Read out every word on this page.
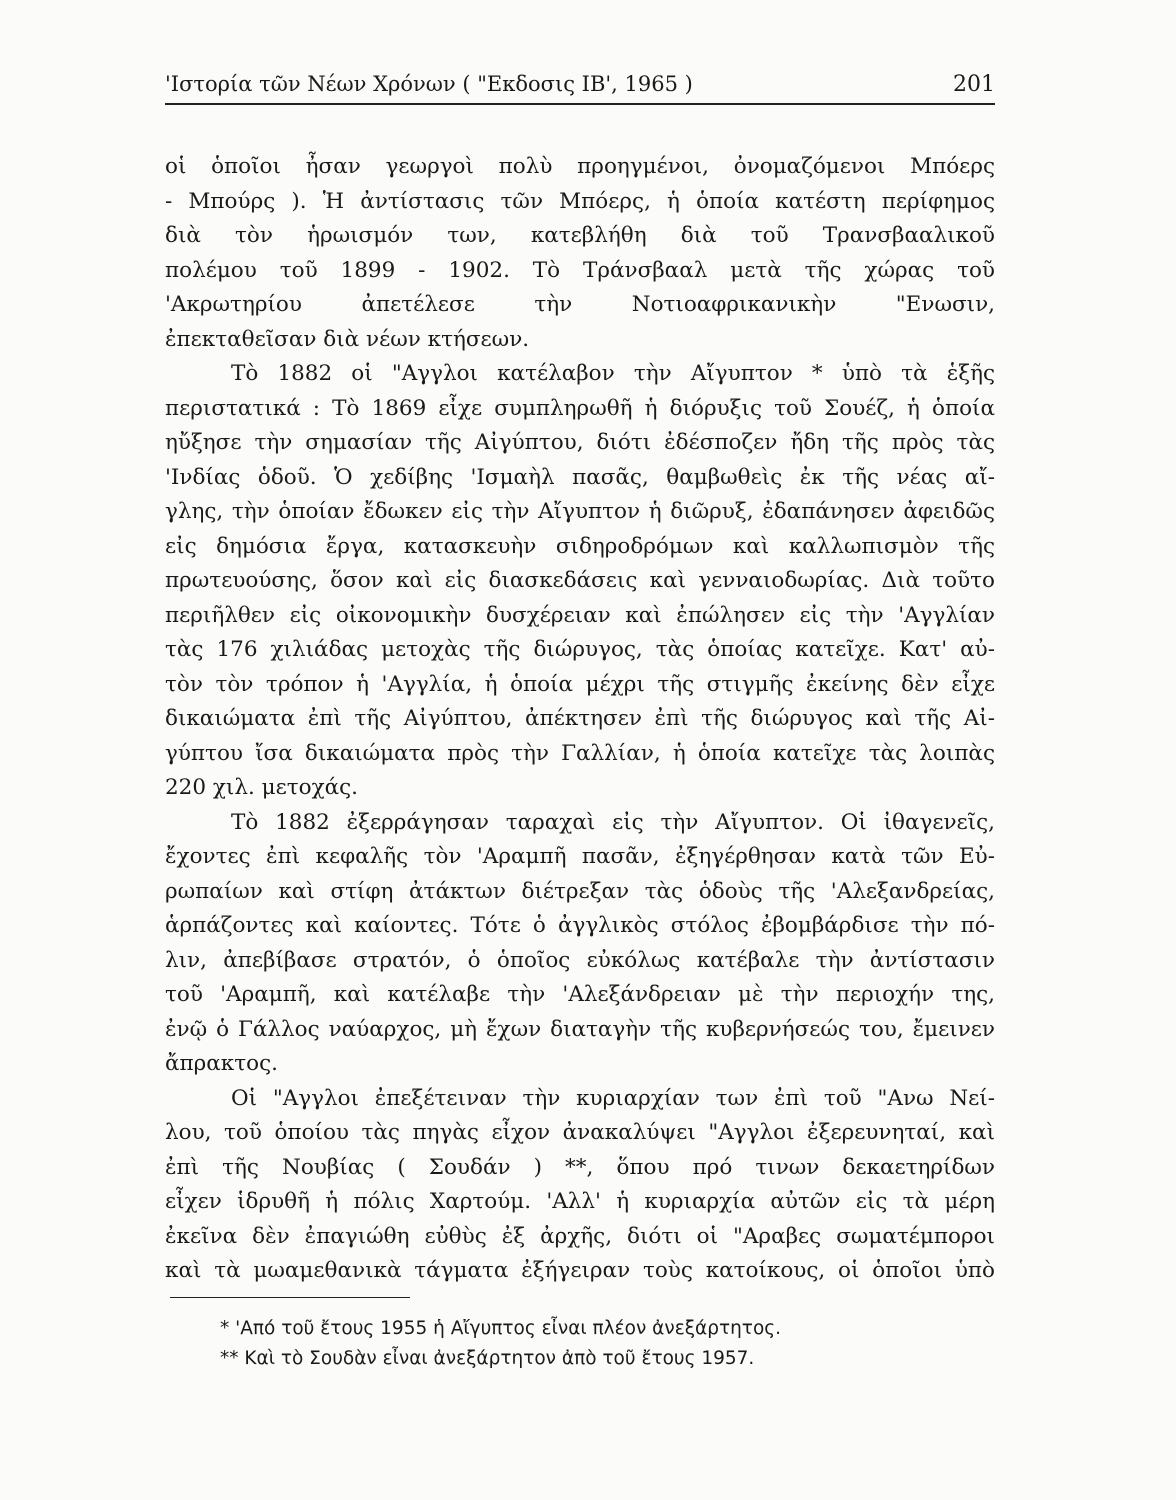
'Ιστορία τῶν Νέων Χρόνων ( "Εκδοσις ΙΒ', 1965 )	201
οἱ ὁποῖοι ἦσαν γεωργοὶ πολὺ προηγμένοι, ὀνομαζόμενοι Μπόερς
- Μπούρς ). Ἡ ἀντίστασις τῶν Μπόερς, ἡ ὁποία κατέστη περίφημος
διὰ τὸν ἡρωισμόν των, κατεβλήθη διὰ τοῦ Τρανσβααλικοῦ
πολέμου τοῦ 1899 - 1902. Τὸ Τράνσβααλ μετὰ τῆς χώρας τοῦ
'Ακρωτηρίου ἀπετέλεσε τὴν Νοτιοαφρικανικὴν "Ενωσιν,
ἐπεκταθεῖσαν διὰ νέων κτήσεων.
Τὸ 1882 οἱ "Αγγλοι κατέλαβον τὴν Αἴγυπτον * ὑπὸ τὰ ἑξῆς
περιστατικά : Τὸ 1869 εἶχε συμπληρωθῆ ἡ διόρυξις τοῦ Σουέζ, ἡ ὁποία
ηὔξησε τὴν σημασίαν τῆς Αἰγύπτου, διότι ἐδέσποζεν ἤδη τῆς πρὸς τὰς
'Ινδίας ὁδοῦ. Ὁ χεδίβης 'Ισμαὴλ πασᾶς, θαμβωθεὶς ἐκ τῆς νέας αἴ-
γλης, τὴν ὁποίαν ἔδωκεν εἰς τὴν Αἴγυπτον ἡ διῶρυξ, ἐδαπάνησεν ἀφειδῶς
εἰς δημόσια ἔργα, κατασκευὴν σιδηροδρόμων καὶ καλλωπισμὸν τῆς
πρωτευούσης, ὅσον καὶ εἰς διασκεδάσεις καὶ γενναιοδωρίας. Διὰ τοῦτο
περιῆλθεν εἰς οἰκονομικὴν δυσχέρειαν καὶ ἐπώλησεν εἰς τὴν 'Αγγλίαν
τὰς 176 χιλιάδας μετοχὰς τῆς διώρυγος, τὰς ὁποίας κατεῖχε. Κατ' αὐ-
τὸν τὸν τρόπον ἡ 'Αγγλία, ἡ ὁποία μέχρι τῆς στιγμῆς ἐκείνης δὲν εἶχε
δικαιώματα ἐπὶ τῆς Αἰγύπτου, ἀπέκτησεν ἐπὶ τῆς διώρυγος καὶ τῆς Αἰ-
γύπτου ἴσα δικαιώματα πρὸς τὴν Γαλλίαν, ἡ ὁποία κατεῖχε τὰς λοιπὰς
220 χιλ. μετοχάς.
Τὸ 1882 ἐξερράγησαν ταραχαὶ εἰς τὴν Αἴγυπτον. Οἱ ἰθαγενεῖς,
ἔχοντες ἐπὶ κεφαλῆς τὸν 'Αραμπῆ πασᾶν, ἐξηγέρθησαν κατὰ τῶν Εὐ-
ρωπαίων καὶ στίφη ἀτάκτων διέτρεξαν τὰς ὁδοὺς τῆς 'Αλεξανδρείας,
ἁρπάζοντες καὶ καίοντες. Τότε ὁ ἀγγλικὸς στόλος ἐβομβάρδισε τὴν πό-
λιν, ἀπεβίβασε στρατόν, ὁ ὁποῖος εὐκόλως κατέβαλε τὴν ἀντίστασιν
τοῦ 'Αραμπῆ, καὶ κατέλαβε τὴν 'Αλεξάνδρειαν μὲ τὴν περιοχήν της,
ἐνῷ ὁ Γάλλος ναύαρχος, μὴ ἔχων διαταγὴν τῆς κυβερνήσεώς του, ἔμεινεν
ἄπρακτος.
Οἱ "Αγγλοι ἐπεξέτειναν τὴν κυριαρχίαν των ἐπὶ τοῦ "Ανω Νεί-
λου, τοῦ ὁποίου τὰς πηγὰς εἶχον ἀνακαλύψει "Αγγλοι ἐξερευνηταί, καὶ
ἐπὶ τῆς Νουβίας ( Σουδάν ) **, ὅπου πρό τινων δεκαετηρίδων
εἶχεν ἱδρυθῆ ἡ πόλις Χαρτούμ. 'Αλλ' ἡ κυριαρχία αὐτῶν εἰς τὰ μέρη
ἐκεῖνα δὲν ἐπαγιώθη εὐθὺς ἐξ ἀρχῆς, διότι οἱ "Αραβες σωματέμποροι
καὶ τὰ μωαμεθανικὰ τάγματα ἐξήγειραν τοὺς κατοίκους, οἱ ὁποῖοι ὑπὸ
* 'Από τοῦ ἔτους 1955 ἡ Αἴγυπτος εἶναι πλέον ἀνεξάρτητος.
** Καὶ τὸ Σουδὰν εἶναι ἀνεξάρτητον ἀπὸ τοῦ ἔτους 1957.
